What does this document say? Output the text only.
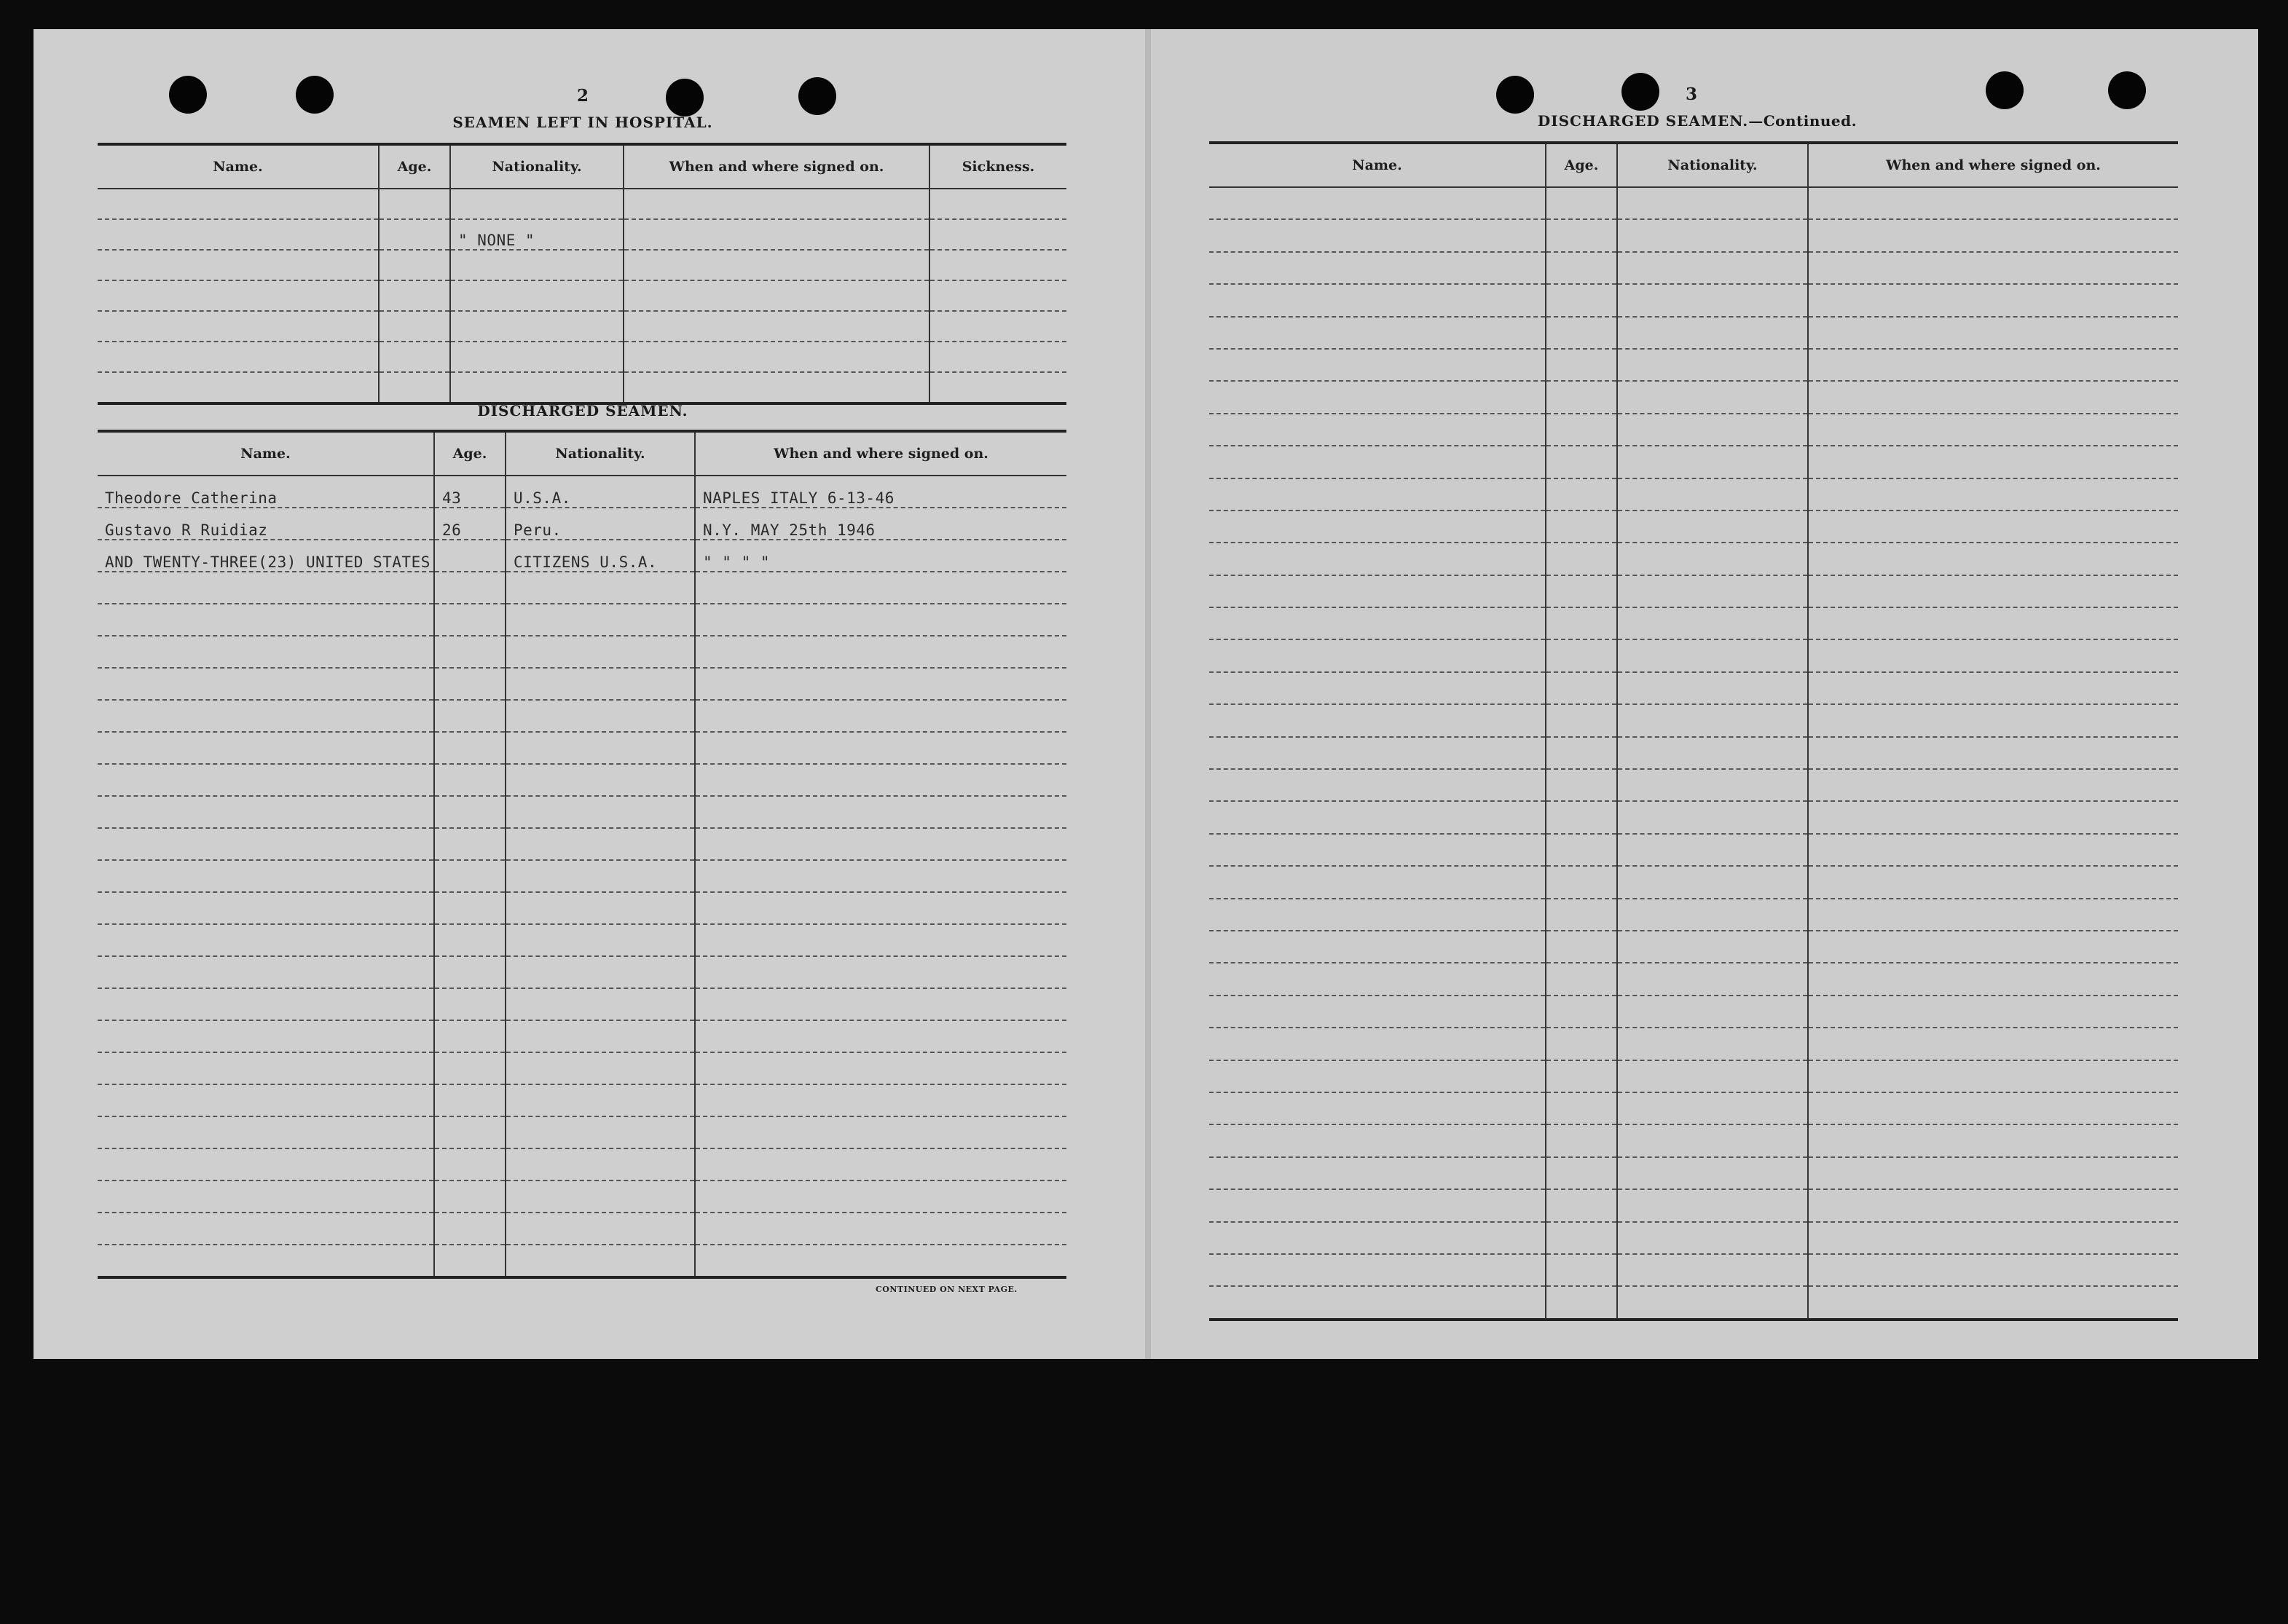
2
SEAMEN LEFT IN HOSPITAL.
Name.	Age.	Nationality.	When and where signed on.	Sickness.

		" NONE "		

DISCHARGED SEAMEN.
Name.	Age.	Nationality.	When and where signed on.
Theodore Catherina	43	U.S.A.	NAPLES ITALY 6-13-46
Gustavo R Ruidiaz	26	Peru.	N.Y. MAY 25th 1946
AND TWENTY-THREE(23) UNITED STATES		CITIZENS U.S.A.	" " " "

CONTINUED ON NEXT PAGE.
3
DISCHARGED SEAMEN.—Continued.
Name.	Age.	Nationality.	When and where signed on.
